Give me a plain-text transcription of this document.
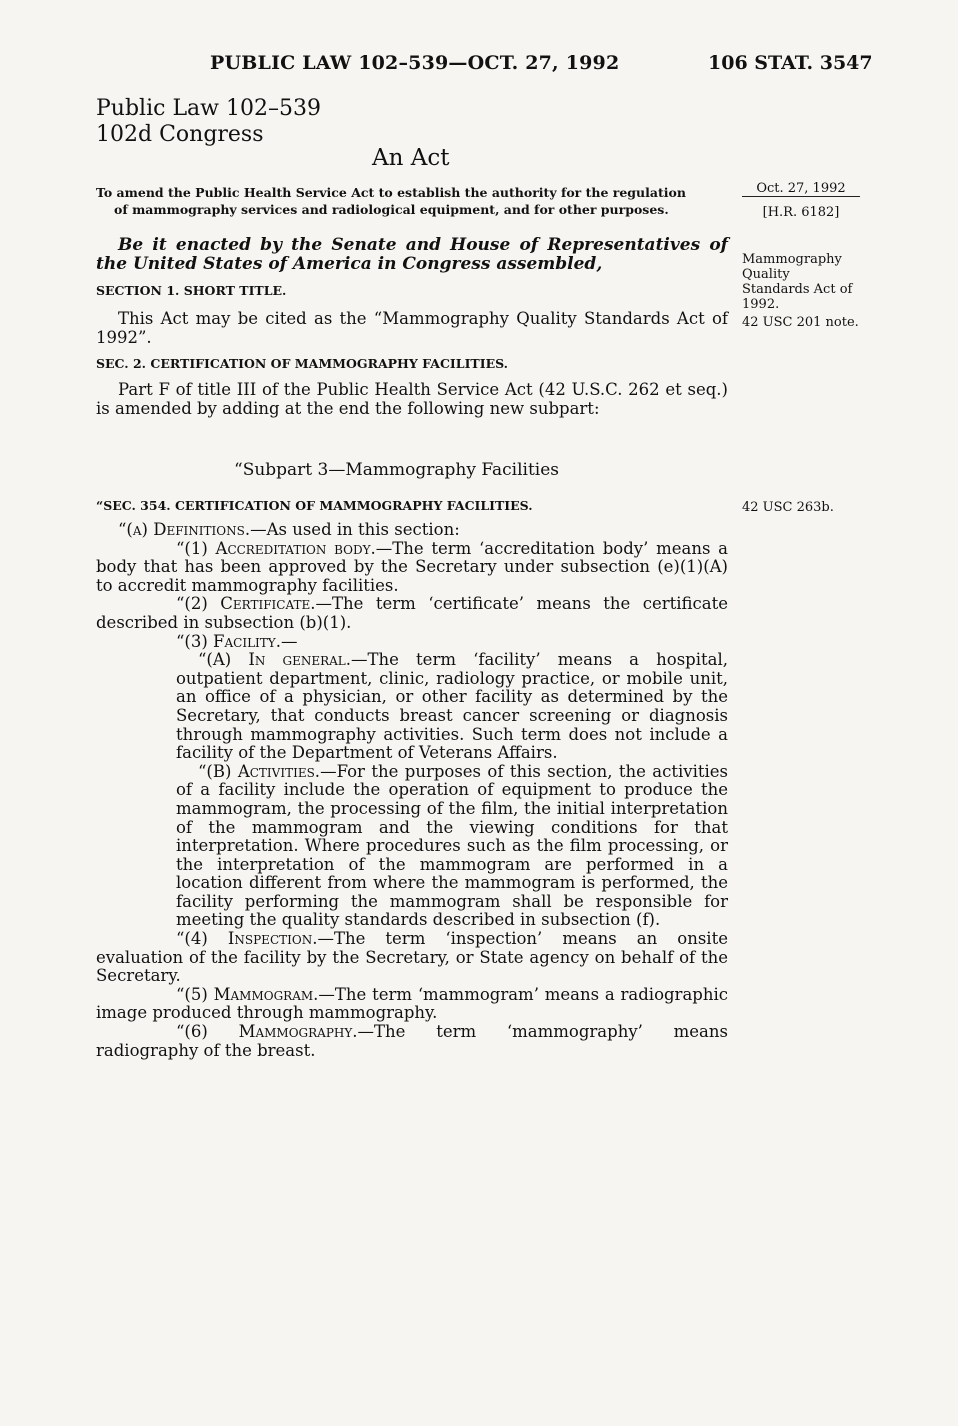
PUBLIC LAW 102–539—OCT. 27, 1992	106 STAT. 3547
Public Law 102–539
102d Congress
An Act
To amend the Public Health Service Act to establish the authority for the regulation
of mammography services and radiological equipment, and for other purposes.
Oct. 27, 1992
[H.R. 6182]
Mammography
Quality
Standards Act of
1992.
42 USC 201 note.
42 USC 263b.

Be it enacted by the Senate and House of Representatives of the United States of America in Congress assembled,

SECTION 1. SHORT TITLE.

This Act may be cited as the “Mammography Quality Standards Act of 1992”.

SEC. 2. CERTIFICATION OF MAMMOGRAPHY FACILITIES.

Part F of title III of the Public Health Service Act (42 U.S.C. 262 et seq.) is amended by adding at the end the following new subpart:

“Subpart 3—Mammography Facilities
“SEC. 354. CERTIFICATION OF MAMMOGRAPHY FACILITIES.

“(a) Definitions.—As used in this section:

“(1) Accreditation body.—The term ‘accreditation body’ means a body that has been approved by the Secretary under subsection (e)(1)(A) to accredit mammography facilities.

“(2) Certificate.—The term ‘certificate’ means the certificate described in subsection (b)(1).

“(3) Facility.—

“(A) In general.—The term ‘facility’ means a hospital, outpatient department, clinic, radiology practice, or mobile unit, an office of a physician, or other facility as determined by the Secretary, that conducts breast cancer screening or diagnosis through mammography activities. Such term does not include a facility of the Department of Veterans Affairs.

“(B) Activities.—For the purposes of this section, the activities of a facility include the operation of equipment to produce the mammogram, the processing of the film, the initial interpretation of the mammogram and the viewing conditions for that interpretation. Where procedures such as the film processing, or the interpretation of the mammogram are performed in a location different from where the mammogram is performed, the facility performing the mammogram shall be responsible for meeting the quality standards described in subsection (f).

“(4) Inspection.—The term ‘inspection’ means an onsite evaluation of the facility by the Secretary, or State agency on behalf of the Secretary.

“(5) Mammogram.—The term ‘mammogram’ means a radiographic image produced through mammography.

“(6) Mammography.—The term ‘mammography’ means radiography of the breast.
